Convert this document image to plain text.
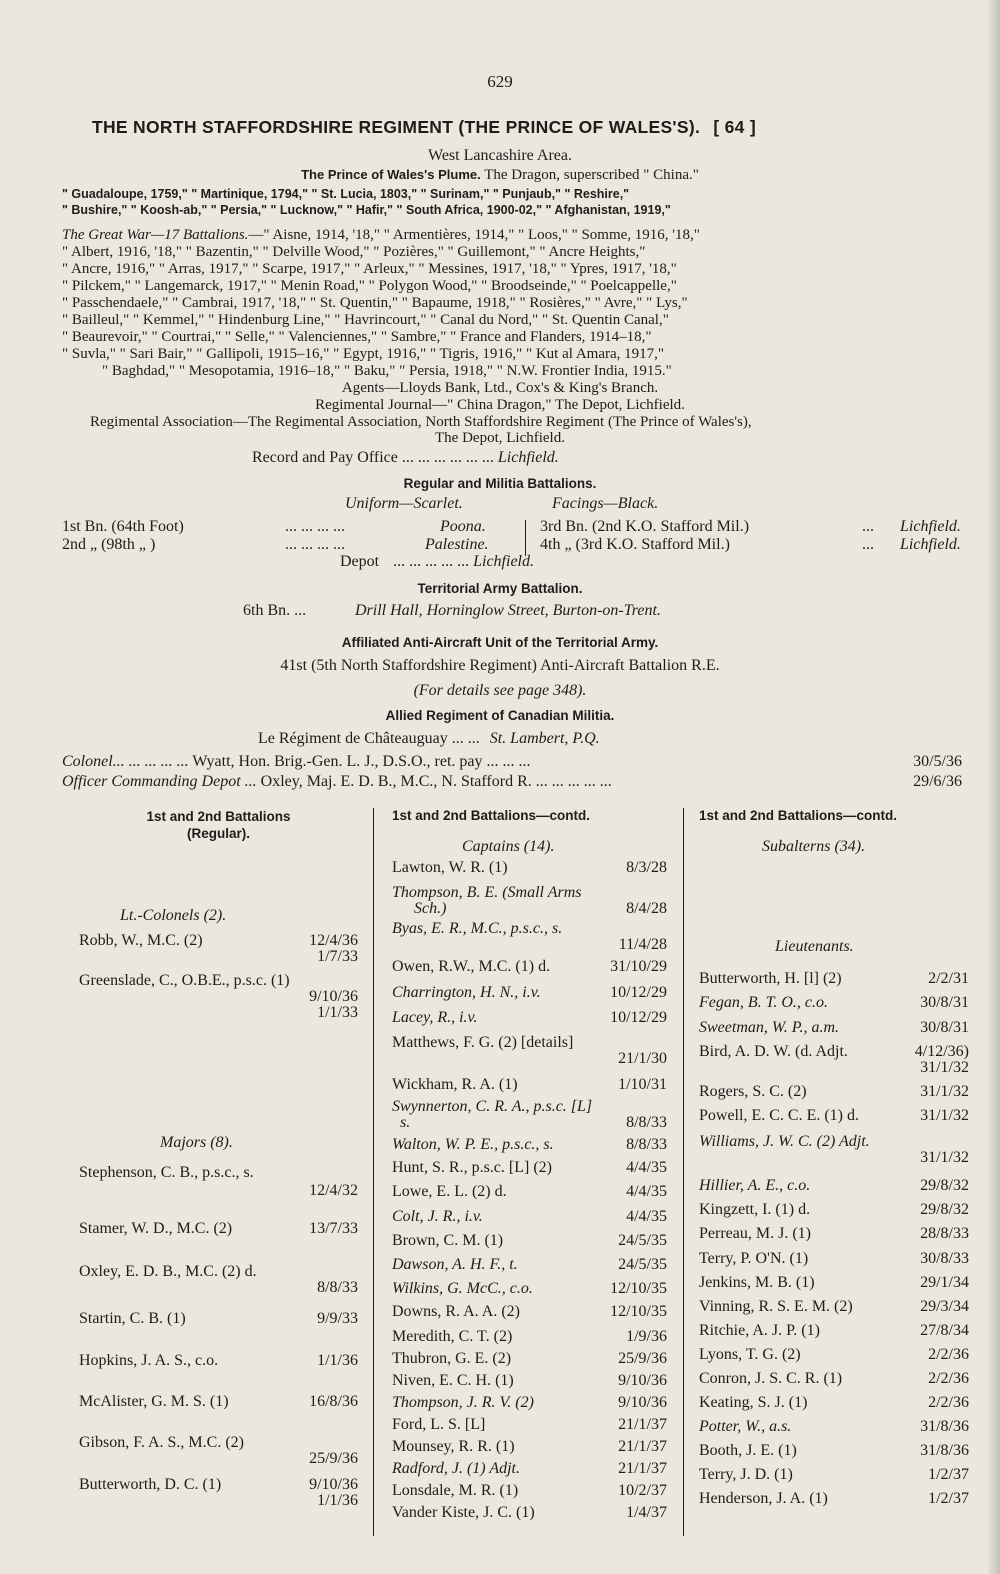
629
THE NORTH STAFFORDSHIRE REGIMENT (THE PRINCE OF WALES'S). [ 64 ]
West Lancashire Area.
The Prince of Wales's Plume. The Dragon, superscribed " China."
" Guadaloupe, 1759," " Martinique, 1794," " St. Lucia, 1803," " Surinam," " Punjaub," " Reshire,"
" Bushire," " Koosh-ab," " Persia," " Lucknow," " Hafir," " South Africa, 1900-02," " Afghanistan, 1919,"
The Great War—17 Battalions.—" Aisne, 1914, '18," " Armentières, 1914," " Loos," " Somme, 1916, '18,"
" Albert, 1916, '18," " Bazentin," " Delville Wood," " Pozières," " Guillemont," " Ancre Heights,"
" Ancre, 1916," " Arras, 1917," " Scarpe, 1917," " Arleux," " Messines, 1917, '18," " Ypres, 1917, '18,"
" Pilckem," " Langemarck, 1917," " Menin Road," " Polygon Wood," " Broodseinde," " Poelcappelle,"
" Passchendaele," " Cambrai, 1917, '18," " St. Quentin," " Bapaume, 1918," " Rosières," " Avre," " Lys,"
" Bailleul," " Kemmel," " Hindenburg Line," " Havrincourt," " Canal du Nord," " St. Quentin Canal,"
" Beaurevoir," " Courtrai," " Selle," " Valenciennes," " Sambre," " France and Flanders, 1914–18,"
" Suvla," " Sari Bair," " Gallipoli, 1915–16," " Egypt, 1916," " Tigris, 1916," " Kut al Amara, 1917,"
" Baghdad," " Mesopotamia, 1916–18," " Baku," " Persia, 1918," " N.W. Frontier India, 1915."
Agents—Lloyds Bank, Ltd., Cox's & King's Branch.
Regimental Journal—" China Dragon," The Depot, Lichfield.
Regimental Association—The Regimental Association, North Staffordshire Regiment (The Prince of Wales's),
The Depot, Lichfield.
Record and Pay Office ... ... ... ... ... ... Lichfield.
Regular and Militia Battalions.
Uniform—Scarlet.	Facings—Black.
1st Bn. (64th Foot)	... ... ... ...	Poona.
2nd „ (98th „ )	... ... ... ...	Palestine.
3rd Bn. (2nd K.O. Stafford Mil.)	... Lichfield.
4th „ (3rd K.O. Stafford Mil.)	... Lichfield.
Depot ... ... ... ... ... Lichfield.
Territorial Army Battalion.
6th Bn. ...	Drill Hall, Horninglow Street, Burton-on-Trent.
Affiliated Anti-Aircraft Unit of the Territorial Army.
41st (5th North Staffordshire Regiment) Anti-Aircraft Battalion R.E.
(For details see page 348).
Allied Regiment of Canadian Militia.
Le Régiment de Châteauguay ... ... St. Lambert, P.Q.
Colonel... ... ... ... ... Wyatt, Hon. Brig.-Gen. L. J., D.S.O., ret. pay ... ... ...	30/5/36
Officer Commanding Depot ... Oxley, Maj. E. D. B., M.C., N. Stafford R. ... ... ... ... ...	29/6/36
1st and 2nd Battalions
(Regular).
Lt.-Colonels (2).
Robb, W., M.C. (2)	12/4/36
1/7/33
Greenslade, C., O.B.E., p.s.c. (1)
9/10/36
1/1/33
Majors (8).
Stephenson, C. B., p.s.c., s.
12/4/32
Stamer, W. D., M.C. (2)	13/7/33
Oxley, E. D. B., M.C. (2) d.
8/8/33
Startin, C. B. (1)	9/9/33
Hopkins, J. A. S., c.o.	1/1/36
McAlister, G. M. S. (1)	16/8/36
Gibson, F. A. S., M.C. (2)
25/9/36
Butterworth, D. C. (1)	9/10/36
1/1/36
1st and 2nd Battalions—contd.
Captains (14).
Lawton, W. R. (1)	8/3/28
Thompson, B. E. (Small Arms
Sch.)	8/4/28
Byas, E. R., M.C., p.s.c., s.
11/4/28
Owen, R.W., M.C. (1) d.	31/10/29
Charrington, H. N., i.v.	10/12/29
Lacey, R., i.v.	10/12/29
Matthews, F. G. (2) [details]
21/1/30
Wickham, R. A. (1)	1/10/31
Swynnerton, C. R. A., p.s.c. [L]
s.	8/8/33
Walton, W. P. E., p.s.c., s.	8/8/33
Hunt, S. R., p.s.c. [L] (2)	4/4/35
Lowe, E. L. (2) d.	4/4/35
Colt, J. R., i.v.	4/4/35
Brown, C. M. (1)	24/5/35
Dawson, A. H. F., t.	24/5/35
Wilkins, G. McC., c.o.	12/10/35
Downs, R. A. A. (2)	12/10/35
Meredith, C. T. (2)	1/9/36
Thubron, G. E. (2)	25/9/36
Niven, E. C. H. (1)	9/10/36
Thompson, J. R. V. (2)	9/10/36
Ford, L. S. [L]	21/1/37
Mounsey, R. R. (1)	21/1/37
Radford, J. (1) Adjt.	21/1/37
Lonsdale, M. R. (1)	10/2/37
Vander Kiste, J. C. (1)	1/4/37
1st and 2nd Battalions—contd.
Subalterns (34).
Lieutenants.
Butterworth, H. [l] (2)	2/2/31
Fegan, B. T. O., c.o.	30/8/31
Sweetman, W. P., a.m.	30/8/31
Bird, A. D. W. (d. Adjt.	4/12/36)
31/1/32
Rogers, S. C. (2)	31/1/32
Powell, E. C. C. E. (1) d.	31/1/32
Williams, J. W. C. (2) Adjt.
31/1/32
Hillier, A. E., c.o.	29/8/32
Kingzett, I. (1) d.	29/8/32
Perreau, M. J. (1)	28/8/33
Terry, P. O'N. (1)	30/8/33
Jenkins, M. B. (1)	29/1/34
Vinning, R. S. E. M. (2)	29/3/34
Ritchie, A. J. P. (1)	27/8/34
Lyons, T. G. (2)	2/2/36
Conron, J. S. C. R. (1)	2/2/36
Keating, S. J. (1)	2/2/36
Potter, W., a.s.	31/8/36
Booth, J. E. (1)	31/8/36
Terry, J. D. (1)	1/2/37
Henderson, J. A. (1)	1/2/37
